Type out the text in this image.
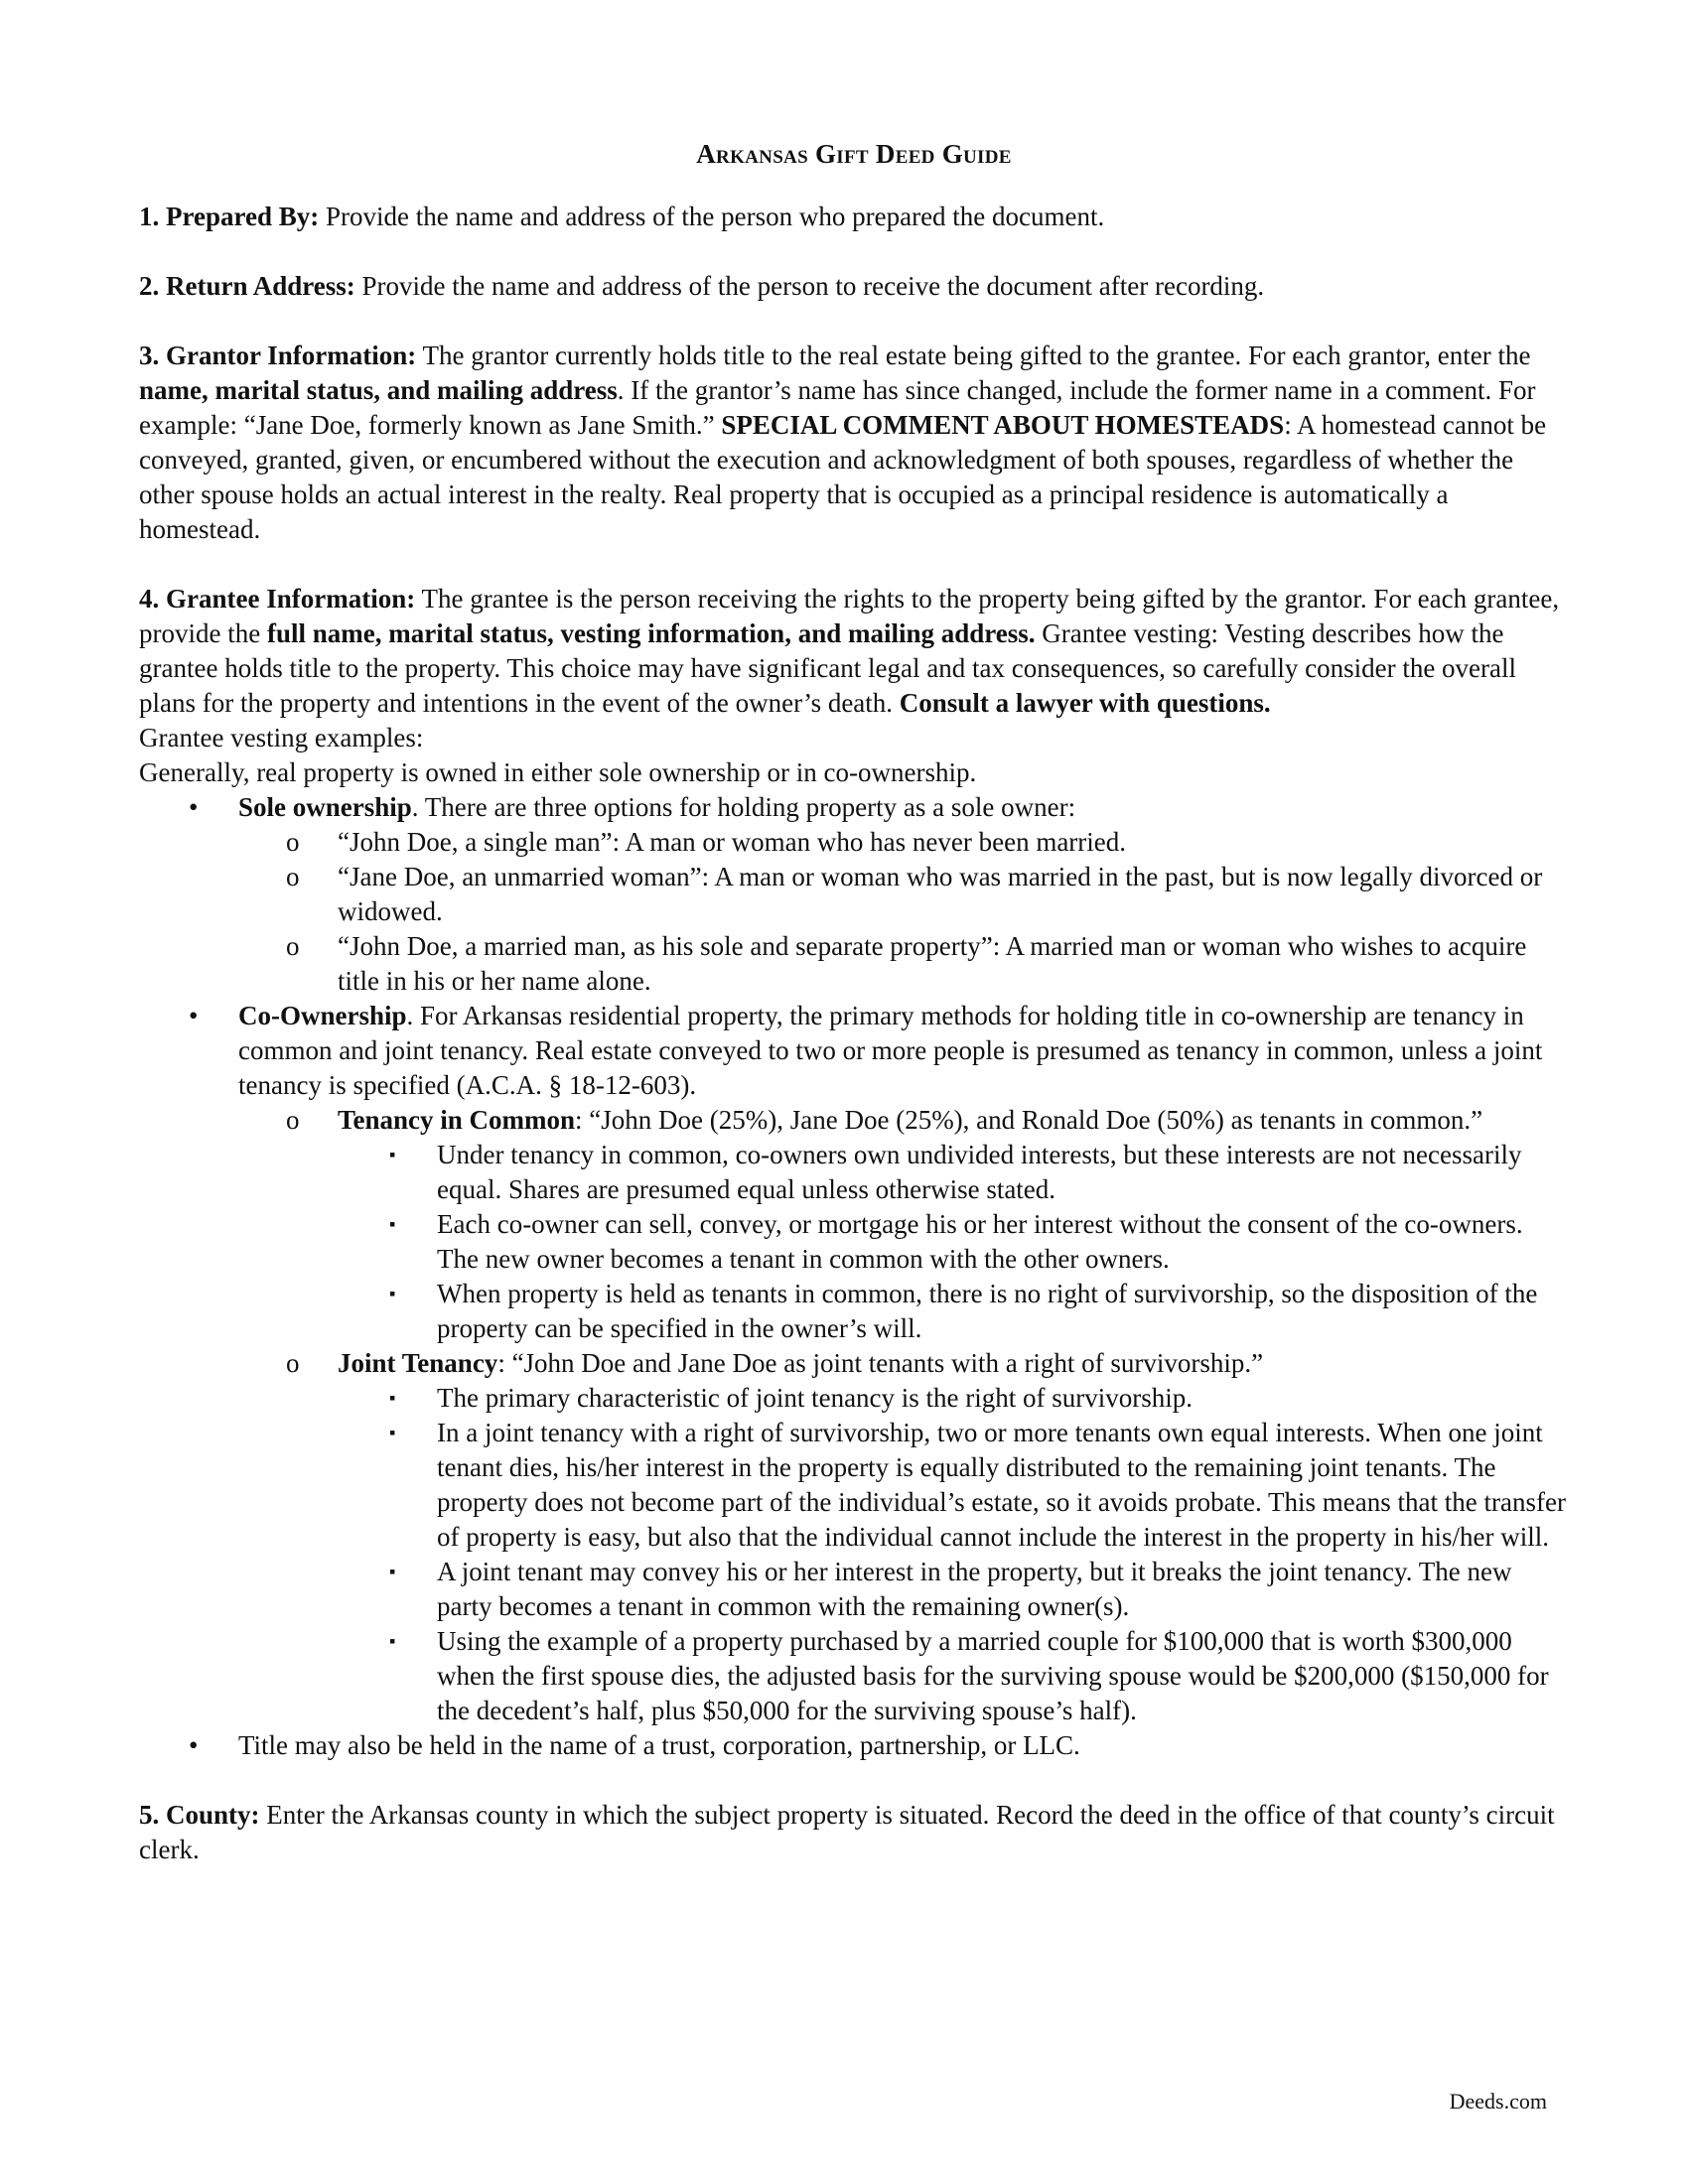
Arkansas Gift Deed Guide

1. Prepared By: Provide the name and address of the person who prepared the document.

2. Return Address: Provide the name and address of the person to receive the document after recording.

3. Grantor Information: The grantor currently holds title to the real estate being gifted to the grantee. For each grantor, enter the name, marital status, and mailing address. If the grantor’s name has since changed, include the former name in a comment. For example: “Jane Doe, formerly known as Jane Smith.” SPECIAL COMMENT ABOUT HOMESTEADS: A homestead cannot be conveyed, granted, given, or encumbered without the execution and acknowledgment of both spouses, regardless of whether the other spouse holds an actual interest in the realty. Real property that is occupied as a principal residence is automatically a homestead.

4. Grantee Information: The grantee is the person receiving the rights to the property being gifted by the grantor. For each grantee, provide the full name, marital status, vesting information, and mailing address. Grantee vesting: Vesting describes how the grantee holds title to the property. This choice may have significant legal and tax consequences, so carefully consider the overall plans for the property and intentions in the event of the owner’s death. Consult a lawyer with questions.

Grantee vesting examples:

Generally, real property is owned in either sole ownership or in co-ownership.

• Sole ownership. There are three options for holding property as a sole owner:
o “John Doe, a single man”: A man or woman who has never been married.
o “Jane Doe, an unmarried woman”: A man or woman who was married in the past, but is now legally divorced or widowed.
o “John Doe, a married man, as his sole and separate property”: A married man or woman who wishes to acquire title in his or her name alone.
• Co-Ownership. For Arkansas residential property, the primary methods for holding title in co-ownership are tenancy in common and joint tenancy. Real estate conveyed to two or more people is presumed as tenancy in common, unless a joint tenancy is specified (A.C.A. § 18-12-603).
o Tenancy in Common: “John Doe (25%), Jane Doe (25%), and Ronald Doe (50%) as tenants in common.”
▪ Under tenancy in common, co-owners own undivided interests, but these interests are not necessarily equal. Shares are presumed equal unless otherwise stated.
▪ Each co-owner can sell, convey, or mortgage his or her interest without the consent of the co-owners. The new owner becomes a tenant in common with the other owners.
▪ When property is held as tenants in common, there is no right of survivorship, so the disposition of the property can be specified in the owner’s will.
o Joint Tenancy: “John Doe and Jane Doe as joint tenants with a right of survivorship.”
▪ The primary characteristic of joint tenancy is the right of survivorship.
▪ In a joint tenancy with a right of survivorship, two or more tenants own equal interests. When one joint tenant dies, his/her interest in the property is equally distributed to the remaining joint tenants. The property does not become part of the individual’s estate, so it avoids probate. This means that the transfer of property is easy, but also that the individual cannot include the interest in the property in his/her will.
▪ A joint tenant may convey his or her interest in the property, but it breaks the joint tenancy. The new party becomes a tenant in common with the remaining owner(s).
▪ Using the example of a property purchased by a married couple for $100,000 that is worth $300,000 when the first spouse dies, the adjusted basis for the surviving spouse would be $200,000 ($150,000 for the decedent’s half, plus $50,000 for the surviving spouse’s half).
• Title may also be held in the name of a trust, corporation, partnership, or LLC.

5. County: Enter the Arkansas county in which the subject property is situated. Record the deed in the office of that county’s circuit clerk.

Deeds.com
